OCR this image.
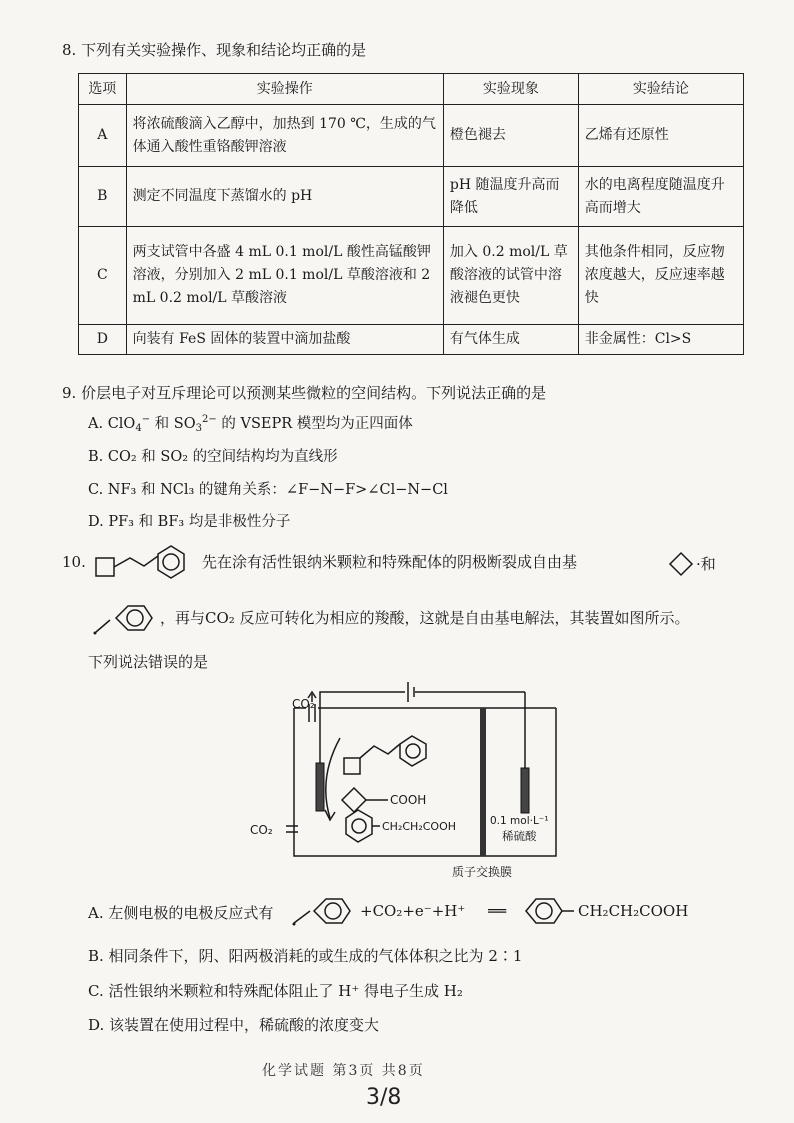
8. 下列有关实验操作、现象和结论均正确的是
选项	实验操作	实验现象	实验结论
A	将浓硫酸滴入乙醇中，加热到 170 ℃，生成的气体通入酸性重铬酸钾溶液	橙色褪去	乙烯有还原性
B	测定不同温度下蒸馏水的 pH	pH 随温度升高而降低	水的电离程度随温度升高而增大
C	两支试管中各盛 4 mL 0.1 mol/L 酸性高锰酸钾溶液，分别加入 2 mL 0.1 mol/L 草酸溶液和 2 mL 0.2 mol/L 草酸溶液	加入 0.2 mol/L 草酸溶液的试管中溶液褪色更快	其他条件相同，反应物浓度越大，反应速率越快
D	向装有 FeS 固体的装置中滴加盐酸	有气体生成	非金属性：Cl>S
9. 价层电子对互斥理论可以预测某些微粒的空间结构。下列说法正确的是
A. ClO$_4$− 和 $SO_3^{2-}$ 的 VSEPR 模型均为正四面体
B. CO₂ 和 SO₂ 的空间结构均为直线形
C. NF₃ 和 NCl₃ 的键角关系：∠F−N−F>∠Cl−N−Cl
D. PF₃ 和 BF₃ 均是非极性分子
10.	先在涂有活性银纳米颗粒和特殊配体的阴极断裂成自由基	·和
，再与CO₂ 反应可转化为相应的羧酸，这就是自由基电解法，其装置如图所示。
下列说法错误的是
CO₂
CO₂
COOH
CH₂CH₂COOH	0.1 mol·L⁻¹
稀硫酸
质子交换膜
A. 左侧电极的电极反应式有	+CO₂+e⁻+H⁺ ══	CH₂CH₂COOH
B. 相同条件下，阴、阳两极消耗的或生成的气体体积之比为 2∶1
C. 活性银纳米颗粒和特殊配体阻止了 H⁺ 得电子生成 H₂
D. 该装置在使用过程中，稀硫酸的浓度变大
化学试题 第3页 共8页
3/8
